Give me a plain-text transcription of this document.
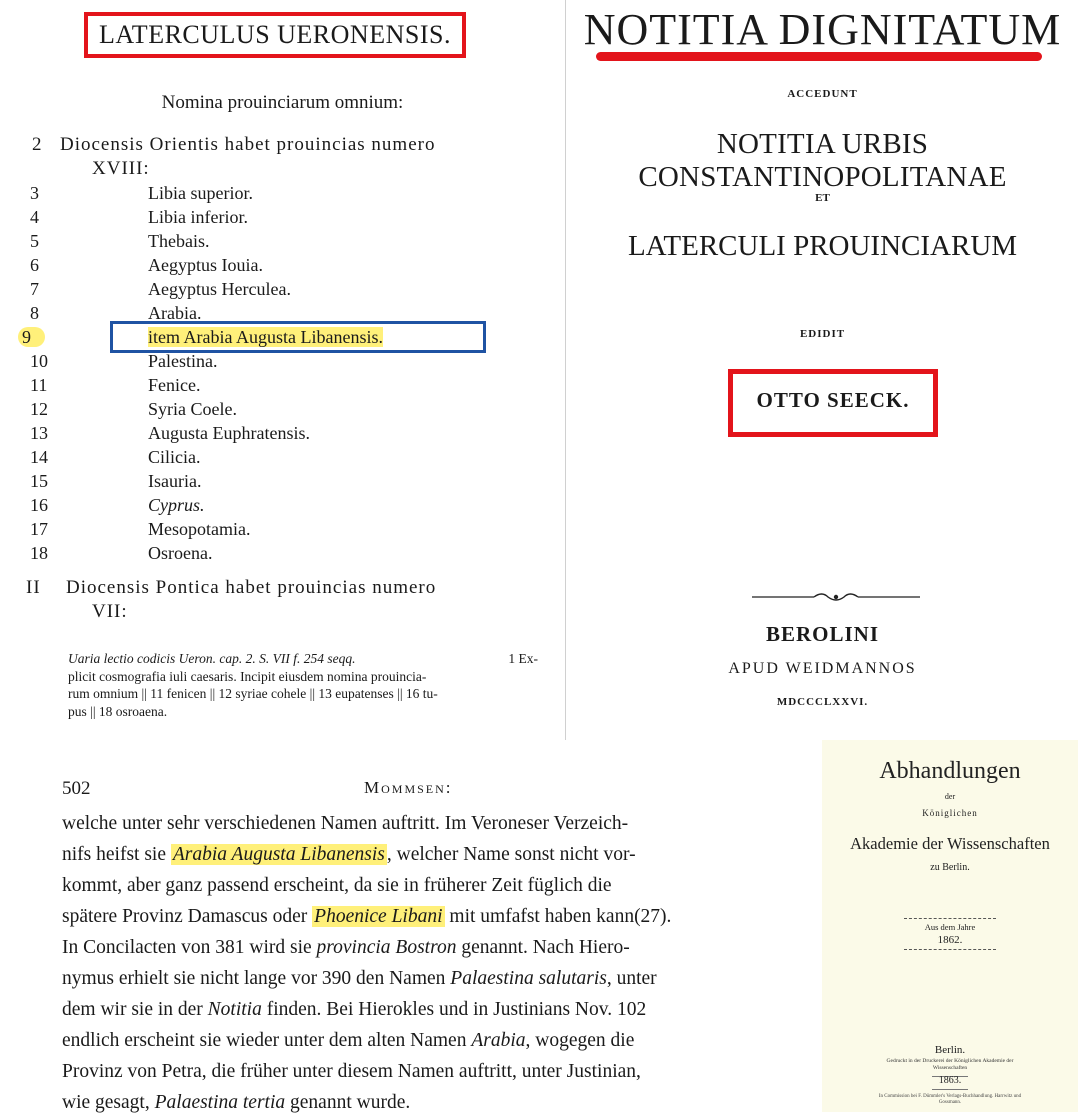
LATERCULUS UERONENSIS.
Nomina prouinciarum omnium:
2 Diocensis Orientis habet prouincias numero
XVIII:
3	Libia superior.
4	Libia inferior.
5	Thebais.
6	Aegyptus Iouia.
7	Aegyptus Herculea.
8	Arabia.
9	item Arabia Augusta Libanensis.
10	Palestina.
11	Fenice.
12	Syria Coele.
13	Augusta Euphratensis.
14	Cilicia.
15	Isauria.
16	Cyprus.
17	Mesopotamia.
18	Osroena.
II Diocensis Pontica habet prouincias numero
VII:
Uaria lectio codicis Ueron. cap. 2. S. VII f. 254 seqq.	1 Ex-
plicit cosmografia iuli caesaris. Incipit eiusdem nomina prouincia-
rum omnium || 11 fenicen || 12 syriae cohele || 13 eupatenses || 16 tu-
pus || 18 osroaena.
NOTITIA DIGNITATUM
ACCEDUNT
NOTITIA URBIS CONSTANTINOPOLITANAE
ET
LATERCULI PROUINCIARUM
EDIDIT
OTTO SEECK.
BEROLINI
APUD WEIDMANNOS
MDCCCLXXVI.
502	Mommsen:
welche unter sehr verschiedenen Namen auftritt. Im Veroneser Verzeich-
nifs heifst sie Arabia Augusta Libanensis , welcher Name sonst nicht vor-
kommt, aber ganz passend erscheint, da sie in früherer Zeit füglich die
spätere Provinz Damascus oder Phoenice Libani mit umfafst haben kann(27).
In Concilacten von 381 wird sie provincia Bostron genannt. Nach Hiero-
nymus erhielt sie nicht lange vor 390 den Namen Palaestina salutaris, unter
dem wir sie in der Notitia finden. Bei Hierokles und in Justinians Nov. 102
endlich erscheint sie wieder unter dem alten Namen Arabia, wogegen die
Provinz von Petra, die früher unter diesem Namen auftritt, unter Justinian,
wie gesagt, Palaestina tertia genannt wurde.
Abhandlungen
der
Königlichen
Akademie der Wissenschaften
zu Berlin.
Aus dem Jahre
1862.
Berlin.
Gedruckt in der Druckerei der Königlichen Akademie der Wissenschaften
1863.
In Commission bei F. Dümmler's Verlags-Buchhandlung. Harrwitz und Gossmann.
